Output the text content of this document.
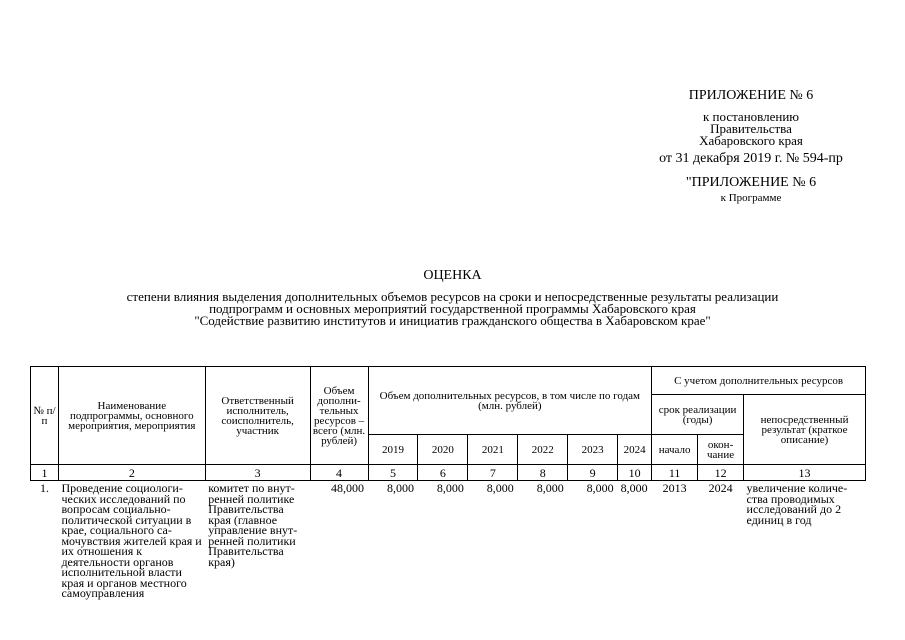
ПРИЛОЖЕНИЕ № 6
к постановлению
Правительства
Хабаровского края
от 31 декабря 2019 г. № 594-пр
"ПРИЛОЖЕНИЕ № 6
к Программе
ОЦЕНКА
степени влияния выделения дополнительных объемов ресурсов на сроки и непосредственные результаты реализации
подпрограмм и основных мероприятий государственной программы Хабаровского края
"Содействие развитию институтов и инициатив гражданского общества в Хабаровском крае"
№ п/п	Наименование подпрограммы, основного мероприятия, мероприятия	Ответственный исполнитель, соисполнитель, участник	Объем дополни- тельных ресурсов – всего (млн. рублей)	Объем дополнительных ресурсов, в том числе по годам (млн. рублей)						С учетом дополнительных ресурсов		
										срок реализации (годы)		непосредственный результат (краткое описание)
				2019	2020	2021	2022	2023	2024	начало	окон- чание	
1	2	3	4	5	6	7	8	9	10	11	12	13
1.	Проведение социологи- ческих исследований по вопросам социально- политической ситуации в крае, социального са- мочувствия жителей края и их отношения к деятельности органов исполнительной власти края и органов местного самоуправления	комитет по внут- ренней политике Правительства края (главное управление внут- ренней политики Правительства края)	48,000	8,000	8,000	8,000	8,000	8,000	8,000	2013	2024	увеличение количе- ства проводимых исследований до 2 единиц в год
